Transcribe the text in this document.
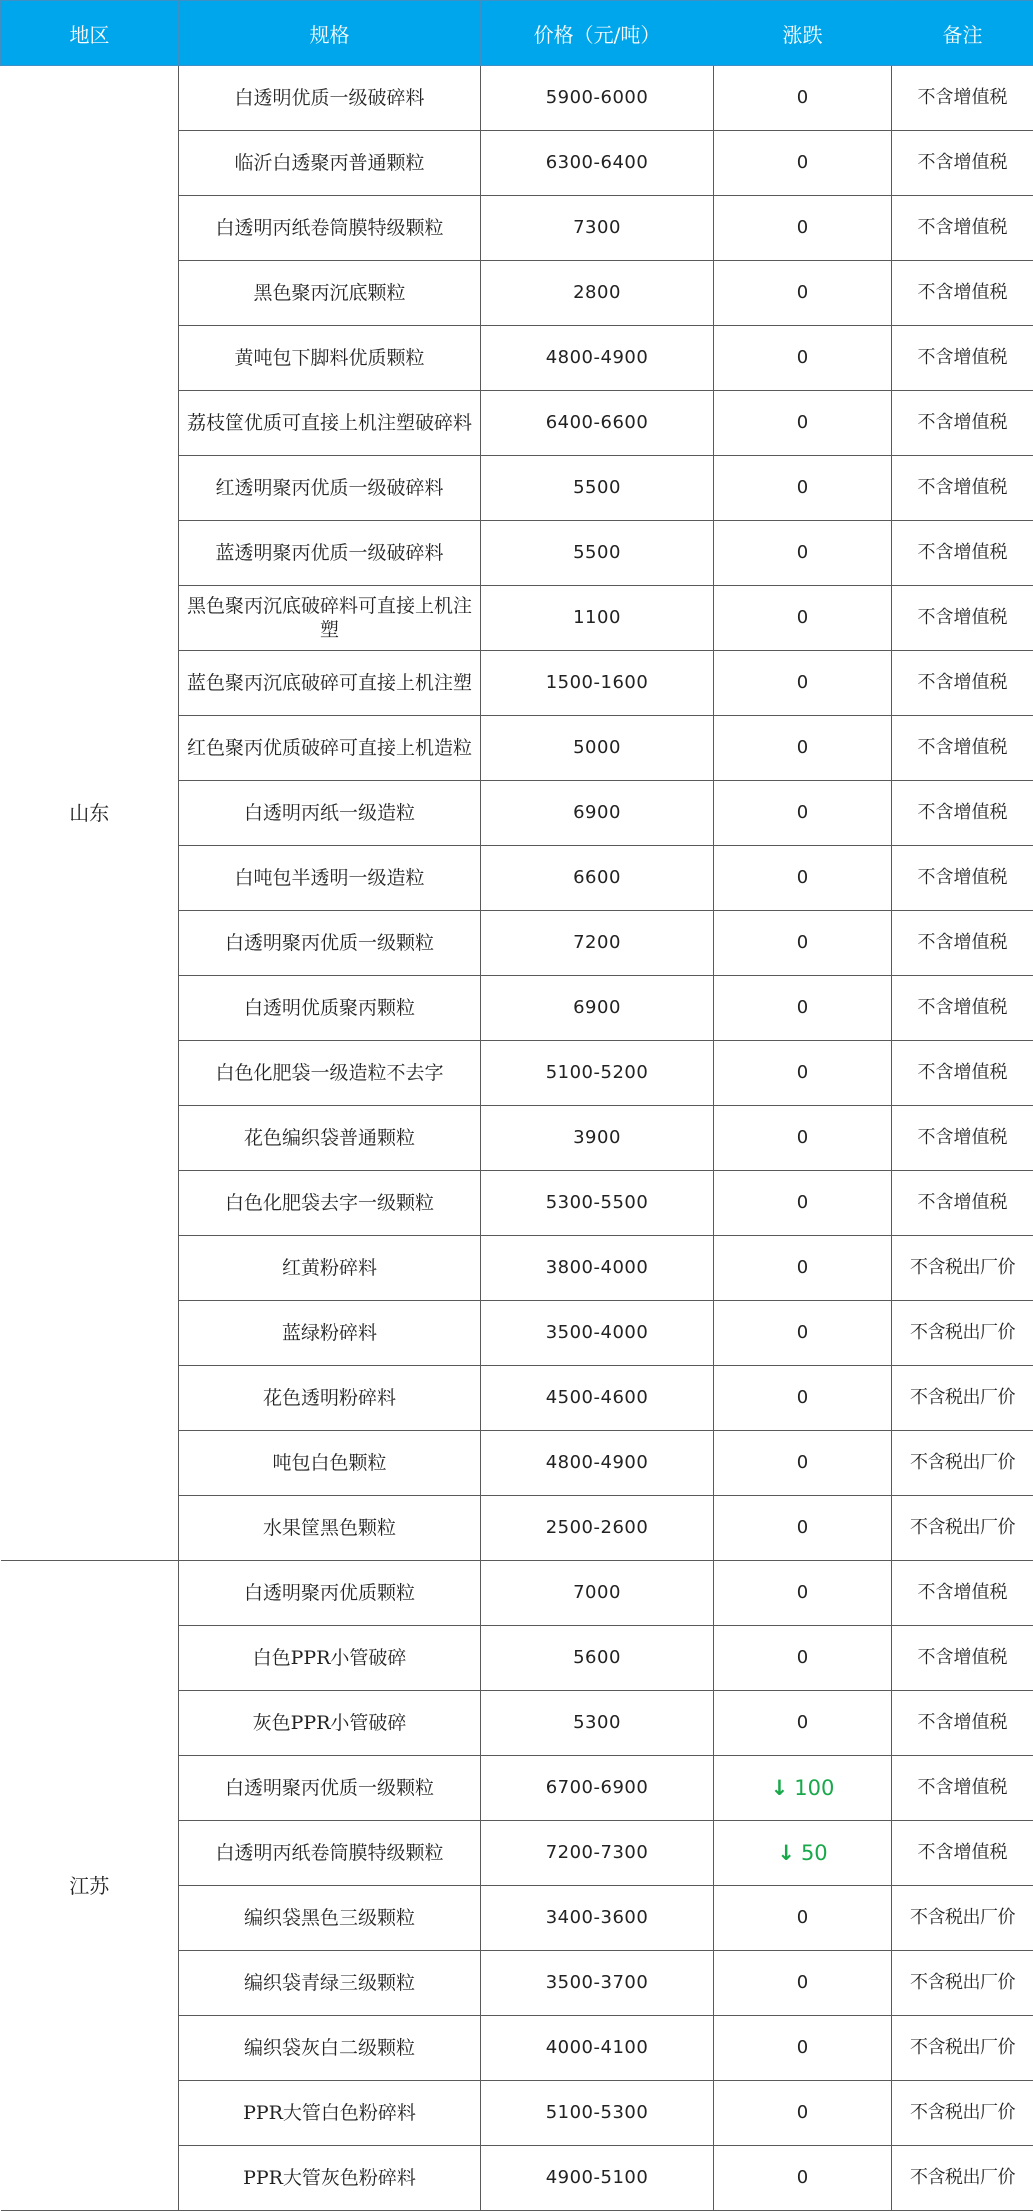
地区	规格	价格（元/吨）	涨跌	备注
山东	白透明优质一级破碎料	5900-6000	0	不含增值税
	临沂白透聚丙普通颗粒	6300-6400	0	不含增值税
	白透明丙纸卷筒膜特级颗粒	7300	0	不含增值税
	黑色聚丙沉底颗粒	2800	0	不含增值税
	黄吨包下脚料优质颗粒	4800-4900	0	不含增值税
	荔枝筐优质可直接上机注塑破碎料	6400-6600	0	不含增值税
	红透明聚丙优质一级破碎料	5500	0	不含增值税
	蓝透明聚丙优质一级破碎料	5500	0	不含增值税
	黑色聚丙沉底破碎料可直接上机注塑	1100	0	不含增值税
	蓝色聚丙沉底破碎可直接上机注塑	1500-1600	0	不含增值税
	红色聚丙优质破碎可直接上机造粒	5000	0	不含增值税
	白透明丙纸一级造粒	6900	0	不含增值税
	白吨包半透明一级造粒	6600	0	不含增值税
	白透明聚丙优质一级颗粒	7200	0	不含增值税
	白透明优质聚丙颗粒	6900	0	不含增值税
	白色化肥袋一级造粒不去字	5100-5200	0	不含增值税
	花色编织袋普通颗粒	3900	0	不含增值税
	白色化肥袋去字一级颗粒	5300-5500	0	不含增值税
	红黄粉碎料	3800-4000	0	不含税出厂价
	蓝绿粉碎料	3500-4000	0	不含税出厂价
	花色透明粉碎料	4500-4600	0	不含税出厂价
	吨包白色颗粒	4800-4900	0	不含税出厂价
	水果筐黑色颗粒	2500-2600	0	不含税出厂价
江苏	白透明聚丙优质颗粒	7000	0	不含增值税
	白色PPR小管破碎	5600	0	不含增值税
	灰色PPR小管破碎	5300	0	不含增值税
	白透明聚丙优质一级颗粒	6700-6900	↓ 100	不含增值税
	白透明丙纸卷筒膜特级颗粒	7200-7300	↓ 50	不含增值税
	编织袋黑色三级颗粒	3400-3600	0	不含税出厂价
	编织袋青绿三级颗粒	3500-3700	0	不含税出厂价
	编织袋灰白二级颗粒	4000-4100	0	不含税出厂价
	PPR大管白色粉碎料	5100-5300	0	不含税出厂价
	PPR大管灰色粉碎料	4900-5100	0	不含税出厂价
